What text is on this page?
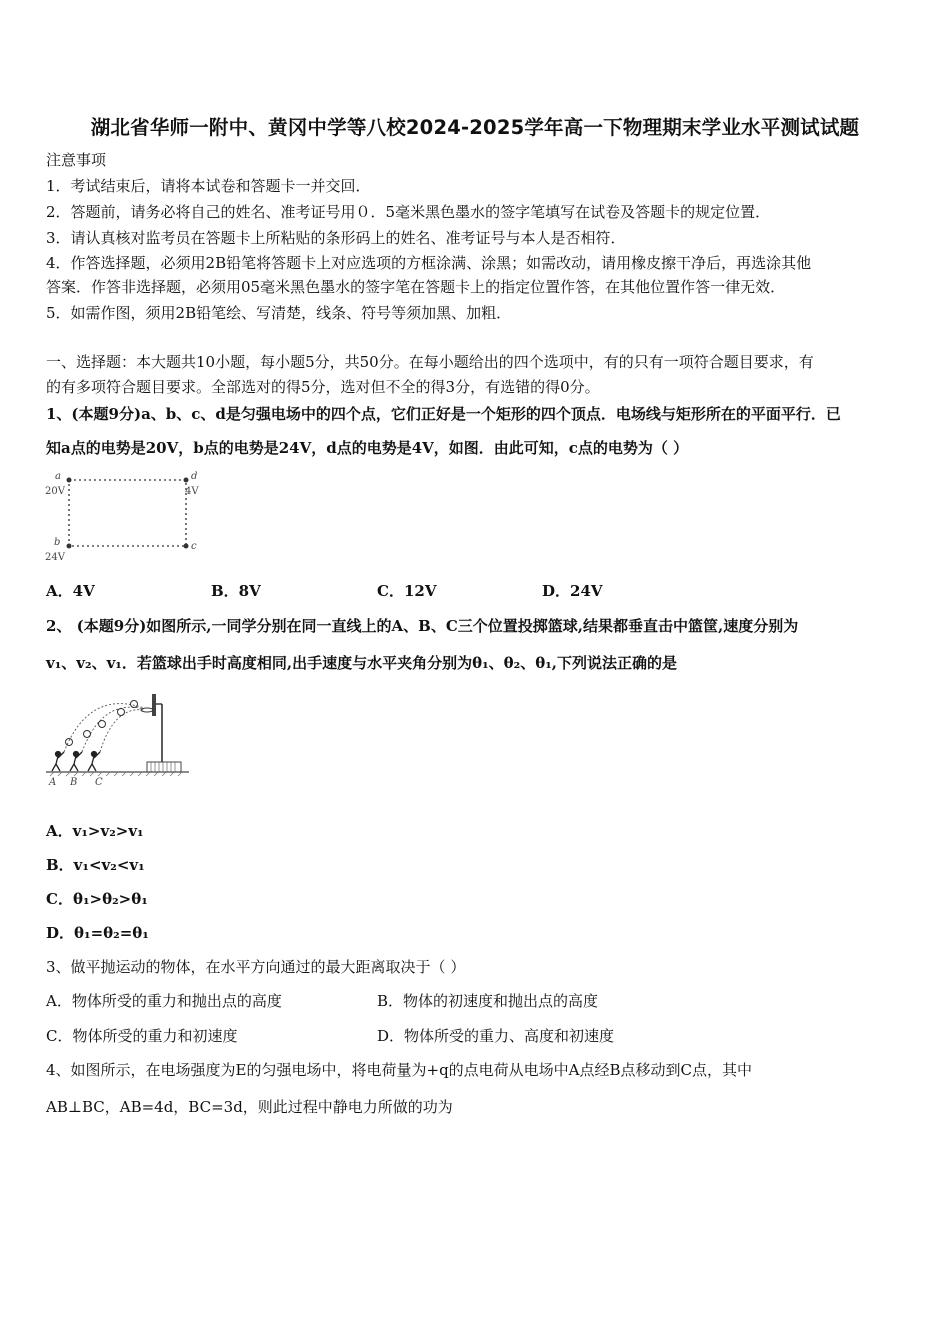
湖北省华师一附中、黄冈中学等八校2024-2025学年高一下物理期末学业水平测试试题
注意事项
1．考试结束后，请将本试卷和答题卡一并交回．
2．答题前，请务必将自己的姓名、准考证号用０．5毫米黑色墨水的签字笔填写在试卷及答题卡的规定位置．
3．请认真核对监考员在答题卡上所粘贴的条形码上的姓名、准考证号与本人是否相符．
4．作答选择题，必须用2B铅笔将答题卡上对应选项的方框涂满、涂黑；如需改动，请用橡皮擦干净后，再选涂其他
答案．作答非选择题，必须用05毫米黑色墨水的签字笔在答题卡上的指定位置作答，在其他位置作答一律无效．
5．如需作图，须用2B铅笔绘、写清楚，线条、符号等须加黑、加粗．
一、选择题：本大题共10小题，每小题5分，共50分。在每小题给出的四个选项中，有的只有一项符合题目要求，有
的有多项符合题目要求。全部选对的得5分，选对但不全的得3分，有选错的得0分。
1、(本题9分)a、b、c、d是匀强电场中的四个点，它们正好是一个矩形的四个顶点．电场线与矩形所在的平面平行．已
知a点的电势是20V，b点的电势是24V，d点的电势是4V，如图．由此可知，c点的电势为（ ）
a
20V
d
4V
b
24V
c
A．4V	B．8V	C．12V	D．24V
2、 (本题9分)如图所示,一同学分别在同一直线上的A、B、C三个位置投掷篮球,结果都垂直击中篮筐,速度分别为
v₁、v₂、v₁．若篮球出手时高度相同,出手速度与水平夹角分别为θ₁、θ₂、θ₁,下列说法正确的是
A B C
A．v₁>v₂>v₁
B．v₁<v₂<v₁
C．θ₁>θ₂>θ₁
D．θ₁=θ₂=θ₁
3、做平抛运动的物体，在水平方向通过的最大距离取决于（ ）
A．物体所受的重力和抛出点的高度	B．物体的初速度和抛出点的高度
C．物体所受的重力和初速度	D．物体所受的重力、高度和初速度
4、如图所示，在电场强度为E的匀强电场中，将电荷量为+q的点电荷从电场中A点经B点移动到C点，其中
AB⊥BC，AB=4d，BC=3d，则此过程中静电力所做的功为
